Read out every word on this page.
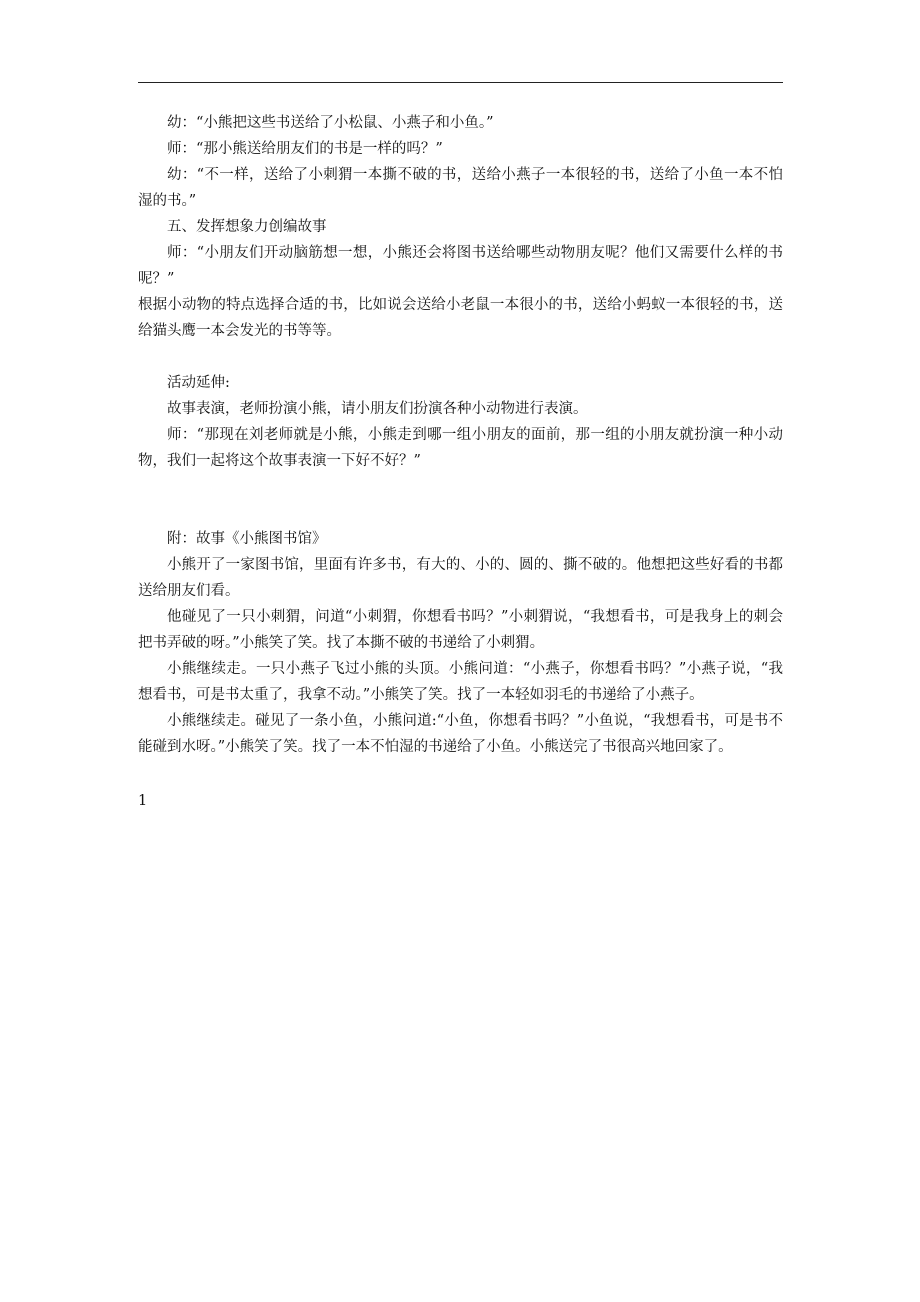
幼：“小熊把这些书送给了小松鼠、小燕子和小鱼。”

师：“那小熊送给朋友们的书是一样的吗？”

幼：“不一样，送给了小刺猬一本撕不破的书，送给小燕子一本很轻的书，送给了小鱼一本不怕湿的书。”

五、发挥想象力创编故事

师：“小朋友们开动脑筋想一想，小熊还会将图书送给哪些动物朋友呢？他们又需要什么样的书呢？”

根据小动物的特点选择合适的书，比如说会送给小老鼠一本很小的书，送给小蚂蚁一本很轻的书，送给猫头鹰一本会发光的书等等。

活动延伸:

故事表演，老师扮演小熊，请小朋友们扮演各种小动物进行表演。

师：“那现在刘老师就是小熊，小熊走到哪一组小朋友的面前，那一组的小朋友就扮演一种小动物，我们一起将这个故事表演一下好不好？”

附：故事《小熊图书馆》

小熊开了一家图书馆，里面有许多书，有大的、小的、圆的、撕不破的。他想把这些好看的书都送给朋友们看。

他碰见了一只小刺猬，问道“小刺猬，你想看书吗？”小刺猬说，“我想看书，可是我身上的刺会把书弄破的呀。”小熊笑了笑。找了本撕不破的书递给了小刺猬。

小熊继续走。一只小燕子飞过小熊的头顶。小熊问道：“小燕子，你想看书吗？”小燕子说，“我想看书，可是书太重了，我拿不动。”小熊笑了笑。找了一本轻如羽毛的书递给了小燕子。

小熊继续走。碰见了一条小鱼，小熊问道:“小鱼，你想看书吗？”小鱼说，“我想看书，可是书不能碰到水呀。”小熊笑了笑。找了一本不怕湿的书递给了小鱼。小熊送完了书很高兴地回家了。

1
